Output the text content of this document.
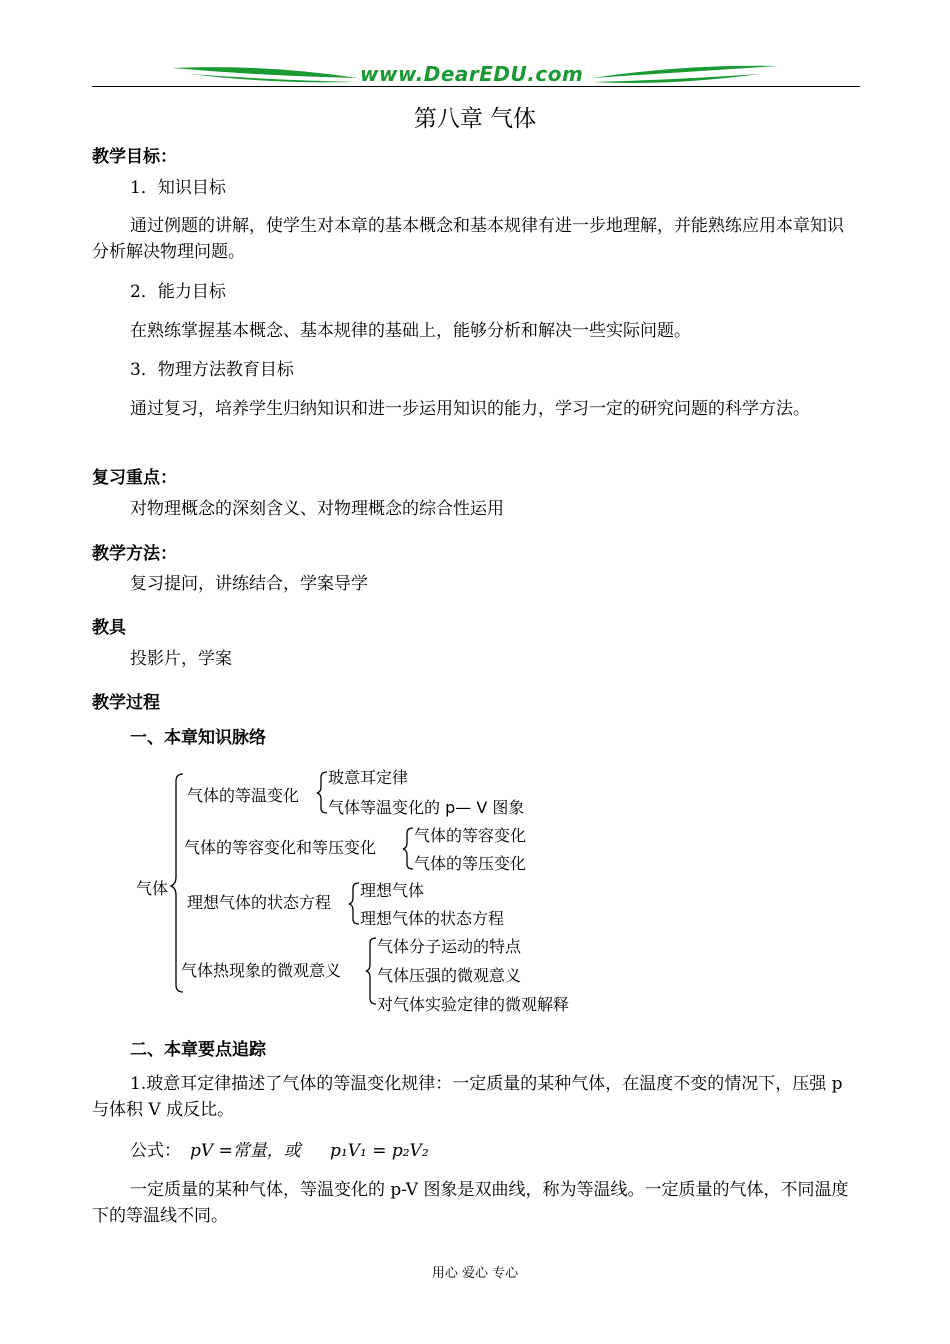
www.DearEDU.com
第八章 气体
教学目标：
1．知识目标
通过例题的讲解，使学生对本章的基本概念和基本规律有进一步地理解，并能熟练应用本章知识分析解决物理问题。
2．能力目标
在熟练掌握基本概念、基本规律的基础上，能够分析和解决一些实际问题。
3．物理方法教育目标
通过复习，培养学生归纳知识和进一步运用知识的能力，学习一定的研究问题的科学方法。
复习重点：
对物理概念的深刻含义、对物理概念的综合性运用
教学方法：
复习提问，讲练结合，学案导学
教具
投影片，学案
教学过程
一、本章知识脉络
气体
气体的等温变化
玻意耳定律
气体等温变化的 p— V 图象
气体的等容变化和等压变化
气体的等容变化
气体的等压变化
理想气体的状态方程
理想气体
理想气体的状态方程
气体热现象的微观意义
气体分子运动的特点
气体压强的微观意义
对气体实验定律的微观解释
二、本章要点追踪
1.玻意耳定律描述了气体的等温变化规律：一定质量的某种气体，在温度不变的情况下，压强 p 与体积 V 成反比。
公式： pV =常量，或 p₁V₁ = p₂V₂
一定质量的某种气体，等温变化的 p-V 图象是双曲线，称为等温线。一定质量的气体，不同温度下的等温线不同。
用心 爱心 专心
